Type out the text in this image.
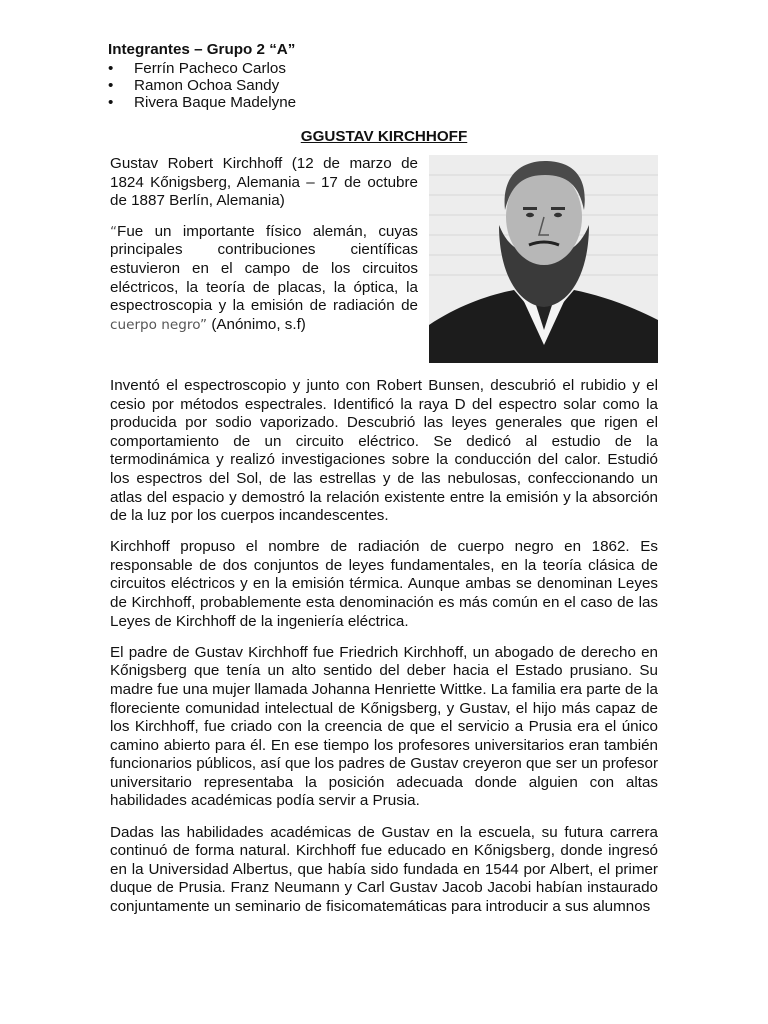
Integrantes – Grupo 2 “A”

• Ferrín Pacheco Carlos
• Ramon Ochoa Sandy
• Rivera Baque Madelyne
GGUSTAV KIRCHHOFF

Gustav Robert Kirchhoff (12 de marzo de 1824 Kőnigsberg, Alemania – 17 de octubre de 1887 Berlín, Alemania)

“Fue un importante físico alemán, cuyas principales contribuciones científicas estuvieron en el campo de los circuitos eléctricos, la teoría de placas, la óptica, la espectroscopia y la emisión de radiación de cuerpo negro” (Anónimo, s.f)

Inventó el espectroscopio y junto con Robert Bunsen, descubrió el rubidio y el cesio por métodos espectrales. Identificó la raya D del espectro solar como la producida por sodio vaporizado. Descubrió las leyes generales que rigen el comportamiento de un circuito eléctrico. Se dedicó al estudio de la termodinámica y realizó investigaciones sobre la conducción del calor. Estudió los espectros del Sol, de las estrellas y de las nebulosas, confeccionando un atlas del espacio y demostró la relación existente entre la emisión y la absorción de la luz por los cuerpos incandescentes.

Kirchhoff propuso el nombre de radiación de cuerpo negro en 1862. Es responsable de dos conjuntos de leyes fundamentales, en la teoría clásica de circuitos eléctricos y en la emisión térmica. Aunque ambas se denominan Leyes de Kirchhoff, probablemente esta denominación es más común en el caso de las Leyes de Kirchhoff de la ingeniería eléctrica.

El padre de Gustav Kirchhoff fue Friedrich Kirchhoff, un abogado de derecho en Kőnigsberg que tenía un alto sentido del deber hacia el Estado prusiano. Su madre fue una mujer llamada Johanna Henriette Wittke. La familia era parte de la floreciente comunidad intelectual de Kőnigsberg, y Gustav, el hijo más capaz de los Kirchhoff, fue criado con la creencia de que el servicio a Prusia era el único camino abierto para él. En ese tiempo los profesores universitarios eran también funcionarios públicos, así que los padres de Gustav creyeron que ser un profesor universitario representaba la posición adecuada donde alguien con altas habilidades académicas podía servir a Prusia.

Dadas las habilidades académicas de Gustav en la escuela, su futura carrera continuó de forma natural. Kirchhoff fue educado en Kőnigsberg, donde ingresó en la Universidad Albertus, que había sido fundada en 1544 por Albert, el primer duque de Prusia. Franz Neumann y Carl Gustav Jacob Jacobi habían instaurado conjuntamente un seminario de fisicomatemáticas para introducir a sus alumnos
